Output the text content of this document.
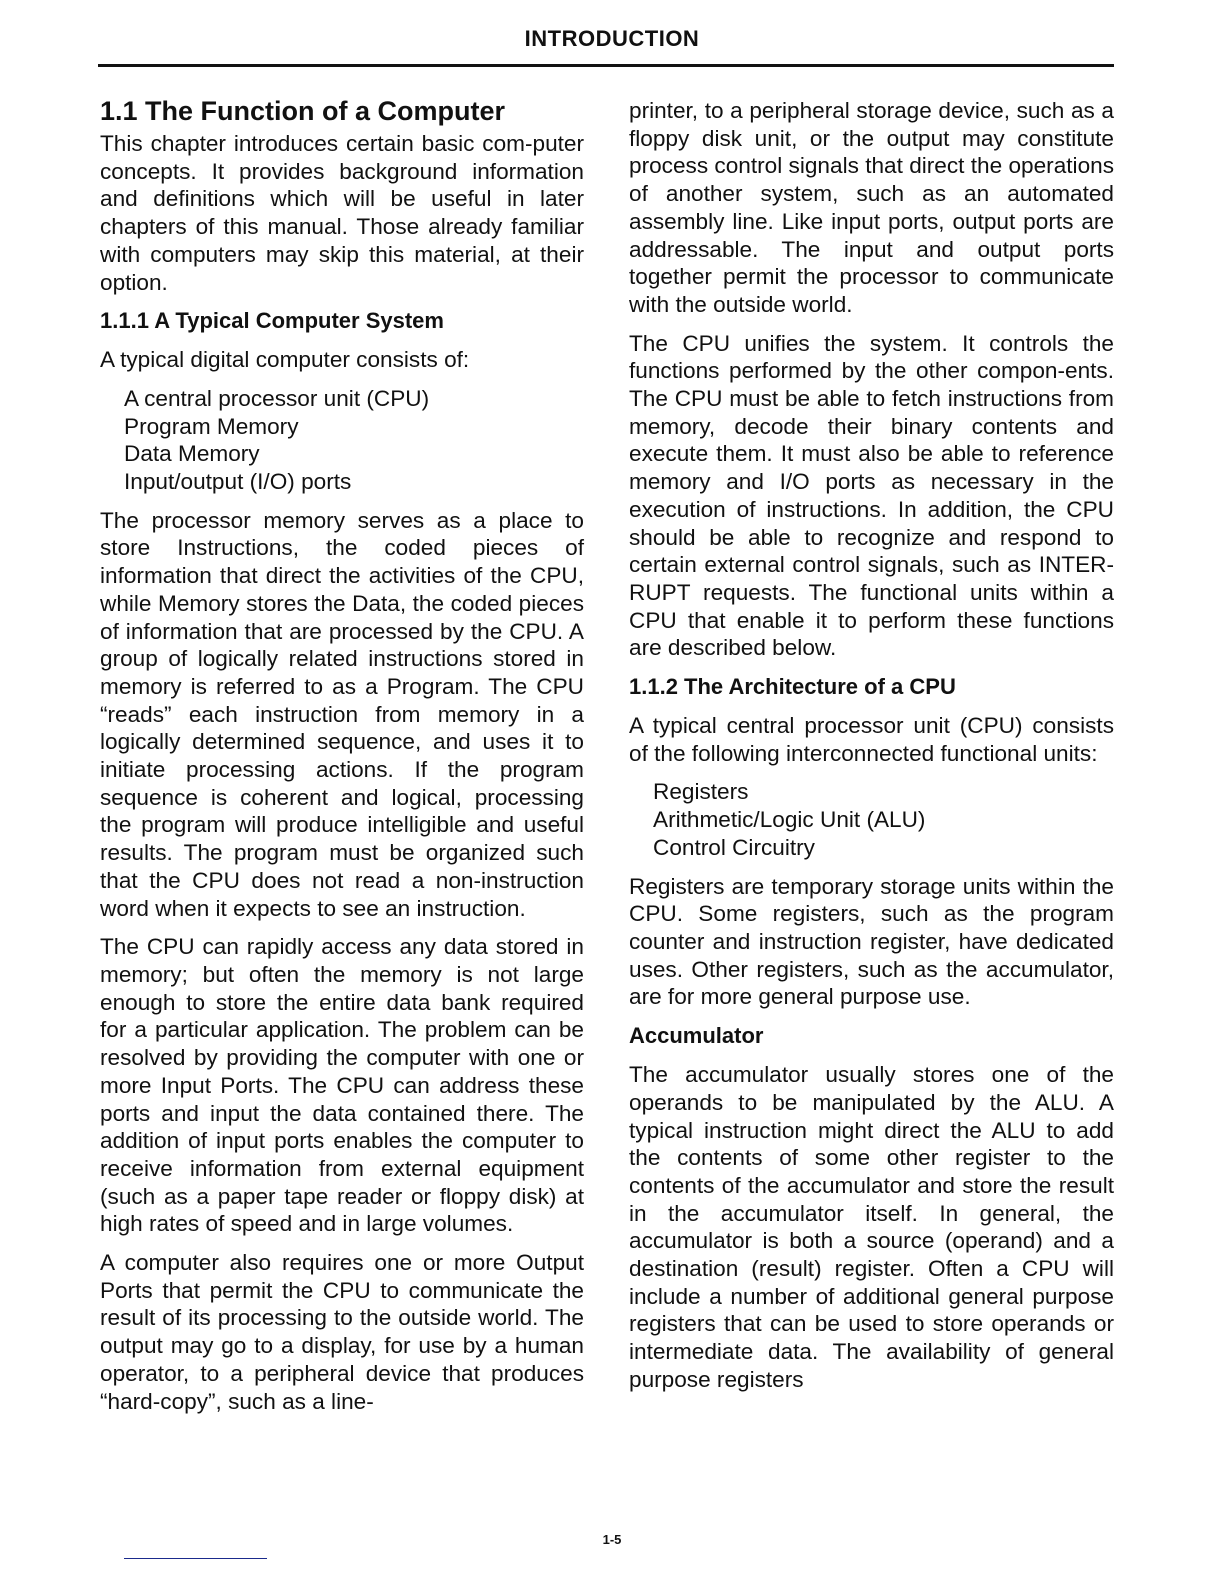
INTRODUCTION
1.1 The Function of a Computer

This chapter introduces certain basic com-puter concepts. It provides background information and definitions which will be useful in later chapters of this manual. Those already familiar with computers may skip this material, at their option.

1.1.1 A Typical Computer System

A typical digital computer consists of:

A central processor unit (CPU)
Program Memory
Data Memory
Input/output (I/O) ports

The processor memory serves as a place to store Instructions, the coded pieces of information that direct the activities of the CPU, while Memory stores the Data, the coded pieces of information that are processed by the CPU. A group of logically related instructions stored in memory is referred to as a Program. The CPU “reads” each instruction from memory in a logically determined sequence, and uses it to initiate processing actions. If the program sequence is coherent and logical, processing the program will produce intelligible and useful results. The program must be organized such that the CPU does not read a non-instruction word when it expects to see an instruction.

The CPU can rapidly access any data stored in memory; but often the memory is not large enough to store the entire data bank required for a particular application. The problem can be resolved by providing the computer with one or more Input Ports. The CPU can address these ports and input the data contained there. The addition of input ports enables the computer to receive information from external equipment (such as a paper tape reader or floppy disk) at high rates of speed and in large volumes.

A computer also requires one or more Output Ports that permit the CPU to communicate the result of its processing to the outside world. The output may go to a display, for use by a human operator, to a peripheral device that produces “hard-copy”, such as a line-

printer, to a peripheral storage device, such as a floppy disk unit, or the output may constitute process control signals that direct the operations of another system, such as an automated assembly line. Like input ports, output ports are addressable. The input and output ports together permit the processor to communicate with the outside world.

The CPU unifies the system. It controls the functions performed by the other compon-ents. The CPU must be able to fetch instructions from memory, decode their binary contents and execute them. It must also be able to reference memory and I/O ports as necessary in the execution of instructions. In addition, the CPU should be able to recognize and respond to certain external control signals, such as INTER-RUPT requests. The functional units within a CPU that enable it to perform these functions are described below.

1.1.2 The Architecture of a CPU

A typical central processor unit (CPU) consists of the following interconnected functional units:

Registers
Arithmetic/Logic Unit (ALU)
Control Circuitry

Registers are temporary storage units within the CPU. Some registers, such as the program counter and instruction register, have dedicated uses. Other registers, such as the accumulator, are for more general purpose use.

Accumulator

The accumulator usually stores one of the operands to be manipulated by the ALU. A typical instruction might direct the ALU to add the contents of some other register to the contents of the accumulator and store the result in the accumulator itself. In general, the accumulator is both a source (operand) and a destination (result) register. Often a CPU will include a number of additional general purpose registers that can be used to store operands or intermediate data. The availability of general purpose registers

1-5
